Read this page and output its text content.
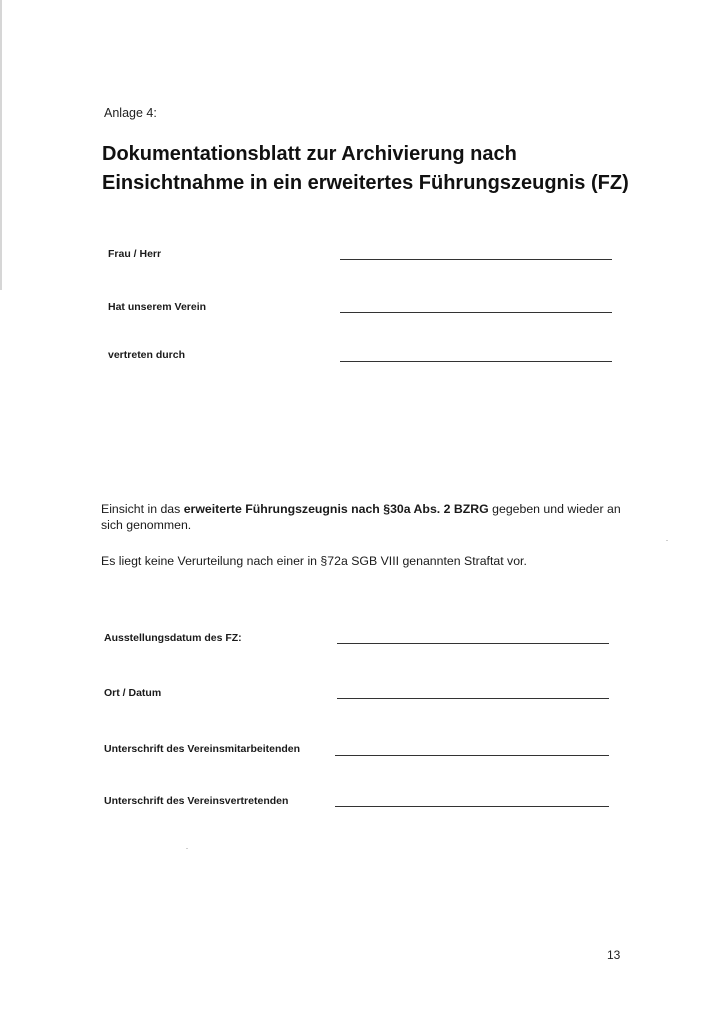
Anlage 4:
Dokumentationsblatt zur Archivierung nach
Einsichtnahme in ein erweitertes Führungszeugnis (FZ)
Frau / Herr
Hat unserem Verein
vertreten durch

Einsicht in das erweiterte Führungszeugnis nach §30a Abs. 2 BZRG gegeben und wieder an sich genommen.

Es liegt keine Verurteilung nach einer in §72a SGB VIII genannten Straftat vor.

Ausstellungsdatum des FZ:
Ort / Datum
Unterschrift des Vereinsmitarbeitenden
Unterschrift des Vereinsvertretenden
13
